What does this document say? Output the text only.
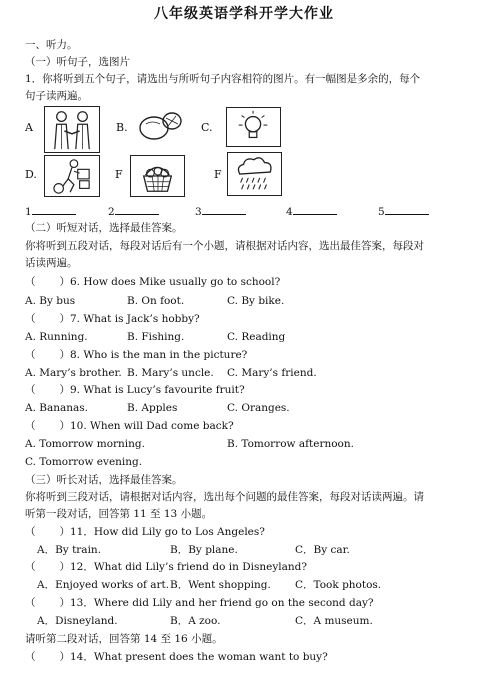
八年级英语学科开学大作业
一、听力。
（一）听句子，选图片
1．你将听到五个句子，请选出与所听句子内容相符的图片。有一幅图是多余的，每个
句子读两遍。
A	B.	C.
D.	F	F
1	2	3	4	5
（二）听短对话，选择最佳答案。
你将听到五段对话，每段对话后有一个小题，请根据对话内容，选出最佳答案，每段对
话读两遍。
（ ）6. How does Mike usually go to school?
A. By bus	B. On foot.	C. By bike.
（ ）7. What is Jack’s hobby?
A. Running.	B. Fishing.	C. Reading
（ ）8. Who is the man in the picture?
A. Mary’s brother. B. Mary’s uncle. C. Mary’s friend.
（ ）9. What is Lucy’s favourite fruit?
A. Bananas.	B. Apples	C. Oranges.
（ ）10. When will Dad come back?
A. Tomorrow morning.	B. Tomorrow afternoon.
C. Tomorrow evening.
（三）听长对话，选择最佳答案。
你将听到三段对话，请根据对话内容，选出每个问题的最佳答案，每段对话读两遍。请
听第一段对话，回答第 11 至 13 小题。
（ ）11．How did Lily go to Los Angeles?
A．By train.	B．By plane.	C．By car.
（ ）12．What did Lily’s friend do in Disneyland?
A．Enjoyed works of art. B．Went shopping. C．Took photos.
（ ）13．Where did Lily and her friend go on the second day?
A．Disneyland.	B．A zoo.	C．A museum.
请听第二段对话，回答第 14 至 16 小题。
（ ）14．What present does the woman want to buy?
